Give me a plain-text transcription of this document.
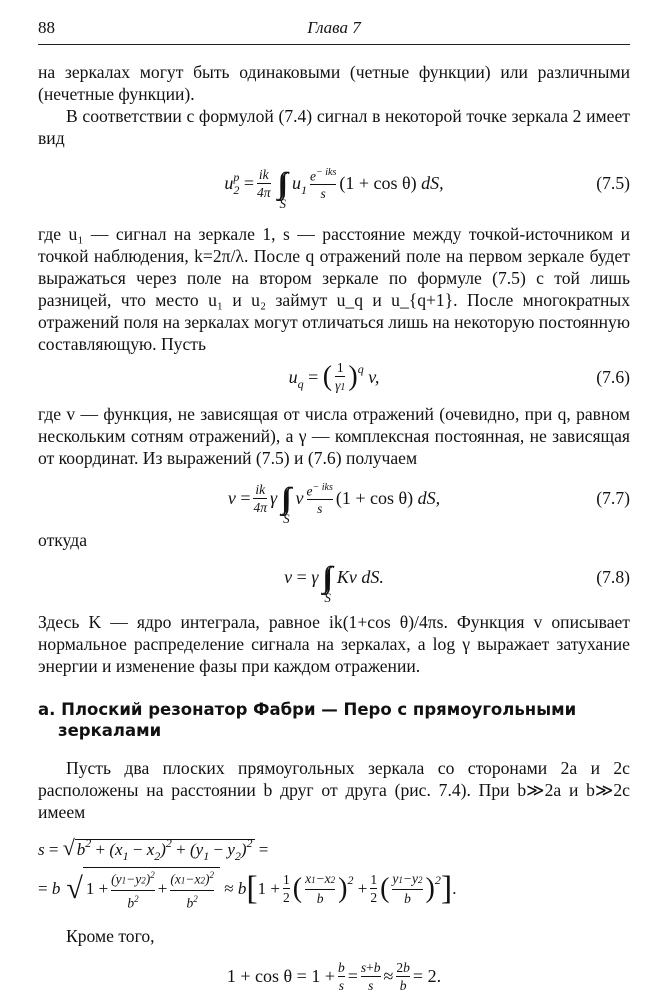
88	Глава 7

на зеркалах могут быть одинаковыми (четные функции) или различными (нечетные функции).

В соответствии с формулой (7.4) сигнал в некоторой точке зеркала 2 имеет вид

$u^p_2 = \frac{ik}{4\pi}$ ∫∫
S
$u_1 \frac{e^{- iks}}{s} (1 + \cos \theta)$ dS,	(7.5)

где u₁ — сигнал на зеркале 1, s — расстояние между точкой-источником и точкой наблюдения, k=2π/λ. После q отражений поле на первом зеркале будет выражаться через поле на втором зеркале по формуле (7.5) с той лишь разницей, что место u₁ и u₂ займут u_q и u_{q+1}. После многократных отражений поля на зеркалах могут отличаться лишь на некоторую постоянную составляющую. Пусть

$u_q$ = ( $\frac{1}{\gamma 1}$ ) q v,	(7.6)

где v — функция, не зависящая от числа отражений (очевидно, при q, равном нескольким сотням отражений), а γ — комплексная постоянная, не зависящая от координат. Из выражений (7.5) и (7.6) получаем

$v = \frac{ik}{4\pi}$ γ ∫∫
S
v $\frac{e^{- iks}}{s} (1 + \cos \theta)$ dS,	(7.7)

откуда

v = γ ∫∫
S
Kv dS.	(7.8)

Здесь K — ядро интеграла, равное ik(1+cos θ)/4πs. Функция v описывает нормальное распределение сигнала на зеркалах, а log γ выражает затухание энергии и изменение фазы при каждом отражении.

а. Плоский резонатор Фабри — Перо с прямоугольными
зеркалами

Пусть два плоских прямоугольных зеркала со сторонами 2a и 2c расположены на расстоянии b друг от друга (рис. 7.4). При b≫2a и b≫2c имеем

s = √ $b^2 + (x_1 - x_2)^2 + (y_1 - y_2)^2$ =
= b √ $1 + \frac{(y1-y2)^2}{b^2} + \frac{(x1-x2)^2}{b^2} \approx b$ [ $1 + \frac{1}{2}$ ( $\frac{x1-x2}{b}$ ) $2 + \frac{1}{2}$ ( $\frac{y1-y2}{b}$ ) 2 ] .

Кроме того,

$1 + \cos \theta = 1 + \frac{b}{s} = \frac{s+b}{s} \approx \frac{2b}{b} = 2$.
